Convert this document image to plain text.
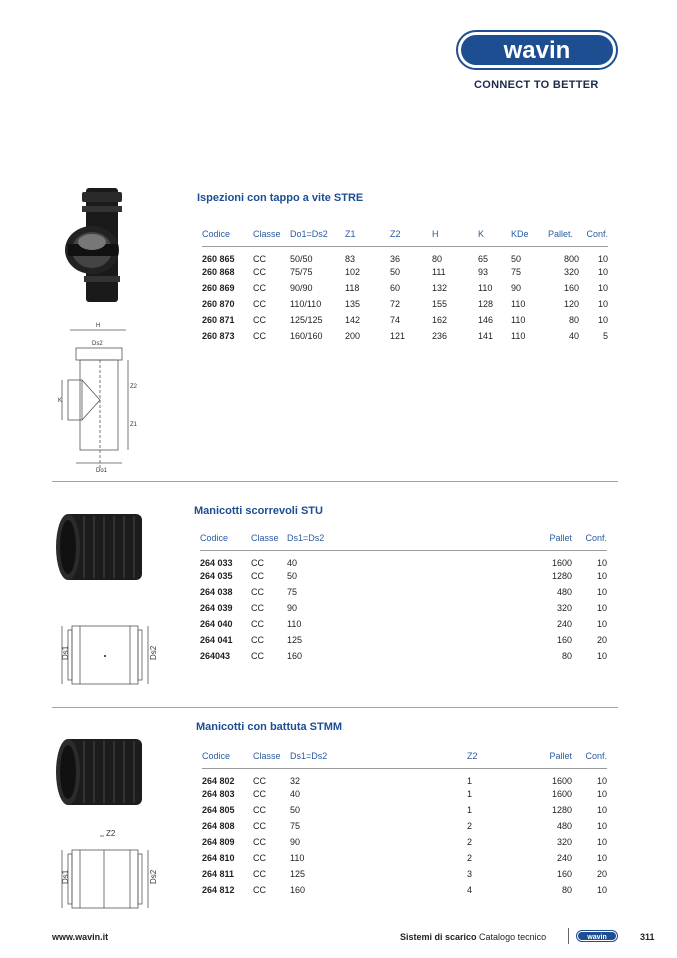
wavin
CONNECT TO BETTER
H
Ds2
K
Z2
Z1
Do1
Ispezioni con tappo a vite STRE
Codice	Classe	Do1=Ds2	Z1	Z2	H	K	KDe	Pallet.	Conf.
260 865	CC	50/50	83	36	80	65	50	800	10
260 868	CC	75/75	102	50	111	93	75	320	10
260 869	CC	90/90	118	60	132	110	90	160	10
260 870	CC	110/110	135	72	155	128	110	120	10
260 871	CC	125/125	142	74	162	146	110	80	10
260 873	CC	160/160	200	121	236	141	110	40	5
Ds1	Ds2
Manicotti scorrevoli STU
Codice	Classe	Ds1=Ds2	Pallet	Conf.
264 033	CC	40	1600	10
264 035	CC	50	1280	10
264 038	CC	75	480	10
264 039	CC	90	320	10
264 040	CC	110	240	10
264 041	CC	125	160	20
264043	CC	160	80	10
Z2
Ds1	Ds2
Manicotti con battuta STMM
Codice	Classe	Ds1=Ds2	Z2	Pallet	Conf.
264 802	CC	32	1	1600	10
264 803	CC	40	1	1600	10
264 805	CC	50	1	1280	10
264 808	CC	75	2	480	10
264 809	CC	90	2	320	10
264 810	CC	110	2	240	10
264 811	CC	125	3	160	20
264 812	CC	160	4	80	10
www.wavin.it	Sistemi di scarico Catalogo tecnico	wavin	311
